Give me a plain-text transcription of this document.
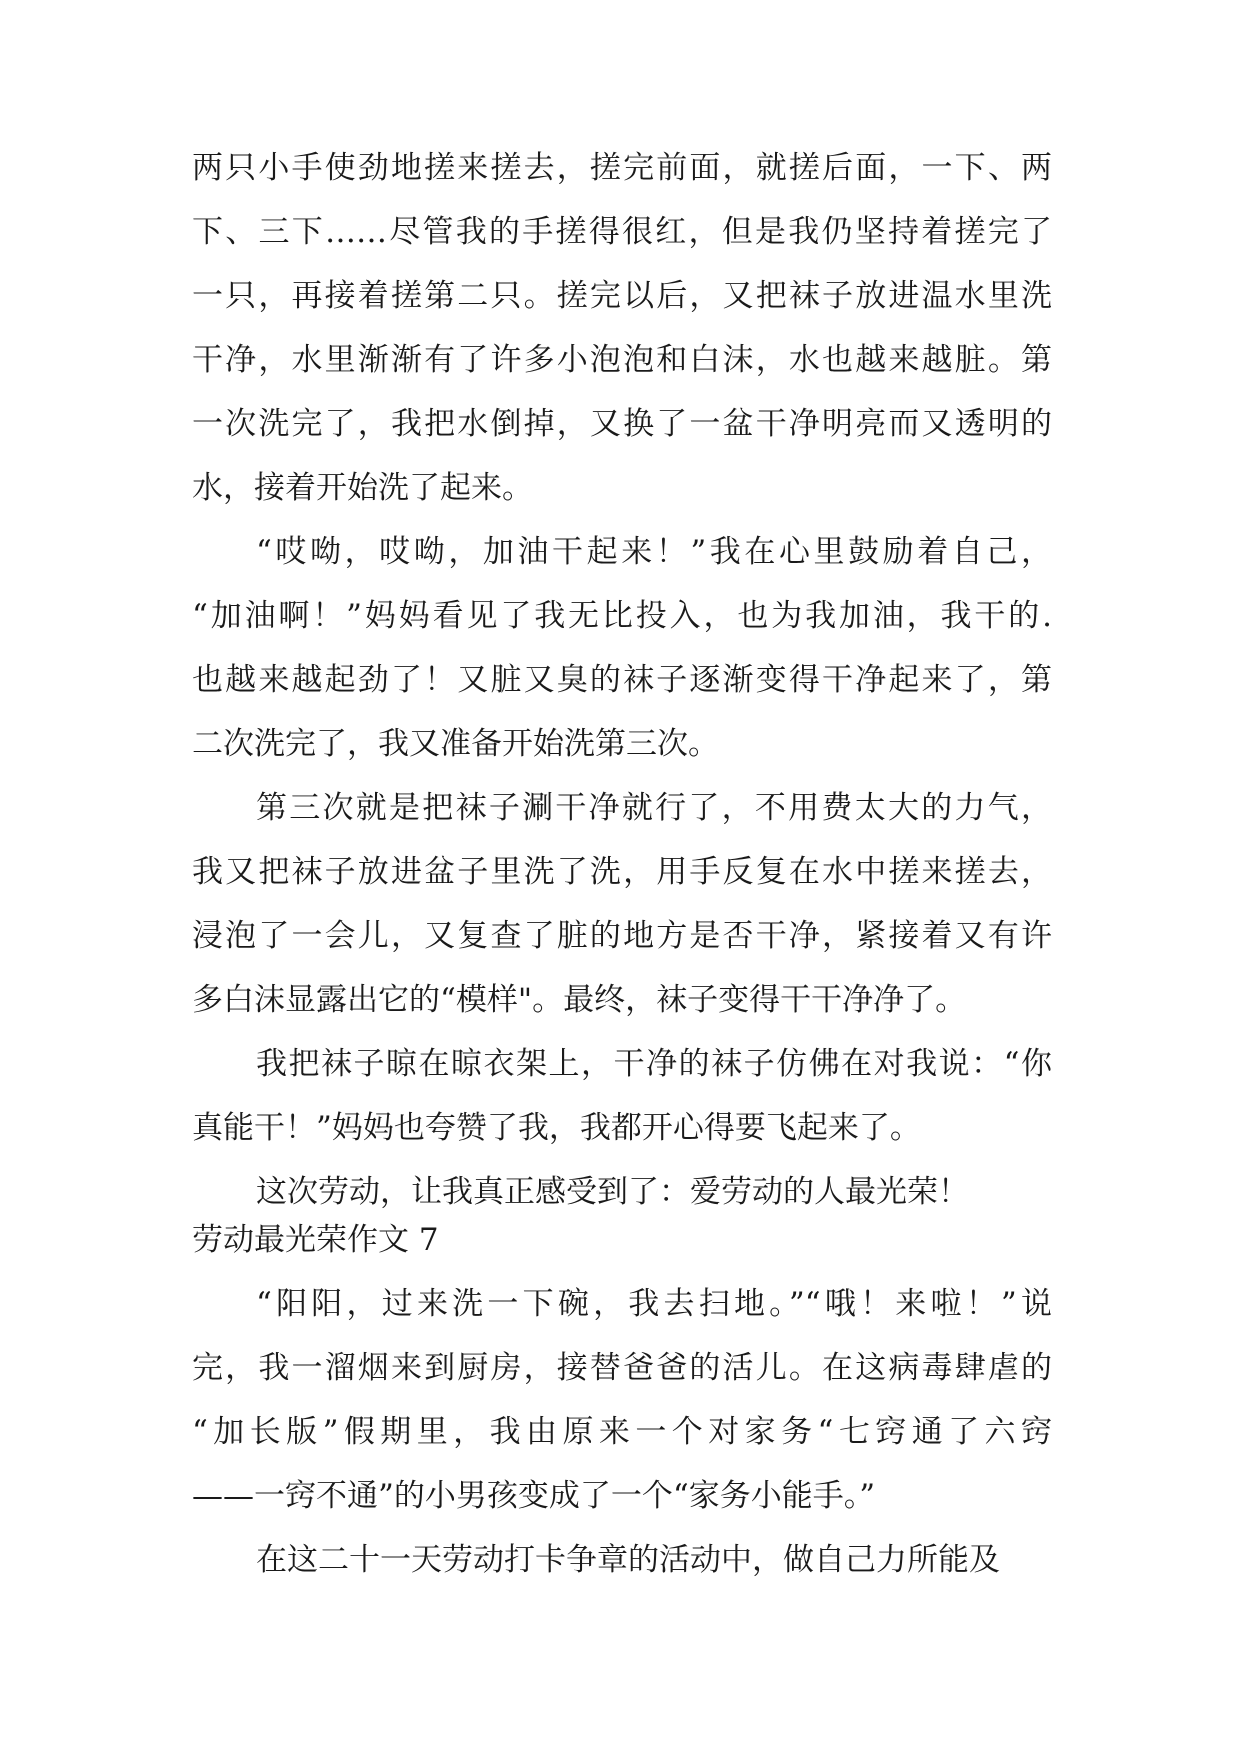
两只小手使劲地搓来搓去，搓完前面，就搓后面，一下、两
下、三下……尽管我的手搓得很红，但是我仍坚持着搓完了
一只，再接着搓第二只。搓完以后，又把袜子放进温水里洗
干净，水里渐渐有了许多小泡泡和白沫，水也越来越脏。第
一次洗完了，我把水倒掉，又换了一盆干净明亮而又透明的
水，接着开始洗了起来。
“哎呦，哎呦，加油干起来！”我在心里鼓励着自己，
“加油啊！”妈妈看见了我无比投入，也为我加油，我干的.
也越来越起劲了！又脏又臭的袜子逐渐变得干净起来了，第
二次洗完了，我又准备开始洗第三次。
第三次就是把袜子涮干净就行了，不用费太大的力气，
我又把袜子放进盆子里洗了洗，用手反复在水中搓来搓去，
浸泡了一会儿，又复查了脏的地方是否干净，紧接着又有许
多白沫显露出它的“模样"。最终，袜子变得干干净净了。
我把袜子晾在晾衣架上，干净的袜子仿佛在对我说：“你
真能干！”妈妈也夸赞了我，我都开心得要飞起来了。
这次劳动，让我真正感受到了：爱劳动的人最光荣！
劳动最光荣作文 7
“阳阳，过来洗一下碗，我去扫地。”“哦！来啦！”说
完，我一溜烟来到厨房，接替爸爸的活儿。在这病毒肆虐的
“加长版”假期里，我由原来一个对家务“七窍通了六窍
——一窍不通”的小男孩变成了一个“家务小能手。”
在这二十一天劳动打卡争章的活动中，做自己力所能及
